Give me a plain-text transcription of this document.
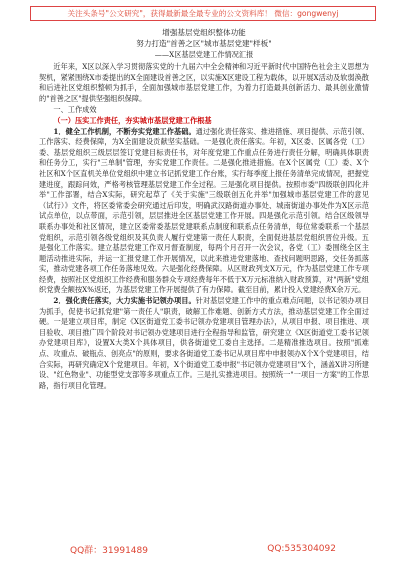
关注头条号"公文研究"，获得最新最全最专业的公文资料库！ 微信：gongwenyj
增强基层党组织整体功能
努力打造"首善之区"城市基层党建"样板"
——X区基层党建工作情况汇报

近年来，X区以深入学习贯彻落实党的十九届六中全会精神和习近平新时代中国特色社会主义思想为契机，紧紧围绕X市委提出的X全面建设首善之区，以实施X区建设工程为载体，以开展X活动及软弱涣散和后进社区党组织整顿为抓手，全面加强城市基层党建工作，为着力打造最具创新活力、最具创业激情的"首善之区"提供坚强组织保障。

一、工作成效

（一）压实工作责任，夯实城市基层党建工作根基

1．健全工作机制，不断夯实党建工作基础。通过强化责任落实、推进措施、项目提供、示范引领、工作落实、经费保障，为X全面建设贡献坚实基础。一是强化责任落实。年初，X区委、区属各党（工）委、基层党组织三级层层签订党建目标责任书，对年度党建工作重点任务进行责任分解，明确具体职责和任务分工，实行"三单制"管理，夯实党建工作责任。二是强化推进措施。在X个区属党（工）委、X个社区和X个区直机关单位党组织中建立书记抓党建工作台账，实行每季度上报任务清单完成情况，把握党建进度，跟踪问效，严格考核管理基层党建工作全过程。三是强化项目提供。按照市委"四级联创四化并举"工作部署，结合X实际，研究起草了《关于实施"三级联创五化并举"加强城市基层党建工作的意见（试行）》文件，将区委常委会研究通过后印发，明确武汉路街道办事处、城南街道办事处作为X区示范试点单位，以点带面，示范引领，层层推进全区基层党建工作开展。四是强化示范引领。结合区级领导联系办事处和社区情况，建立区委常委基层党建联系点制度和联系点任务清单，每位常委联系一个基层党组织，示范引领各级党组织及其负责人履行党建第一责任人职责，全面促进基层党组织晋位升级。五是强化工作落实。建立基层党建工作双月督查制度，每两个月召开一次会议，各党（工）委围绕全区主题活动推进实际，并运一汇报党建工作开展情况，以此来推进党建落地、查找问题明思路，交任务抓落实，推动党建各项工作任务落地见效。六是强化经费保障。从区财政列支X万元，作为基层党建工作专项经费，按照社区党组织工作经费和服务群众专项经费每年不低于X万元标准纳入财政预算，对"两新"党组织党费全额按X%返还，为基层党建工作开展提供了有力保障。截至目前，累计投入党建经费X余万元。

2．强化责任落实，大力实施书记领办项目。针对基层党建工作中的重点难点问题，以书记领办项目为抓手，促使书记抓党建"第一责任人"职责，破解工作难题、创新方式方法，推动基层党建工作全面过硬。一是建立项目库，制定《X区街道党工委书记领办党建项目管理办法》，从项目申报、项目推进、项目验收、项目推广四个阶段对书记领办党建项目进行全程指导和监管，研究建立《X区街道党工委书记领办党建项目库》，设置X大类X个具体项目，供各街道党工委自主选择。二是精准推选项目。按照"抓难点、攻重点、破瓶点、创亮点"的原则，要求各街道党工委书记从项目库中申报领办X个X个党建项目，结合实际，再研究确定X个党建项目。年初，X个街道党工委申报"书记领办党建项目"X个，涵盖X讲习所建设、"红色物业"、功能型党支部等多项重点工作。三是扎实推进项目。按照统一"一项目一方案"的工作思路，指行项目化管理。

QQ群：31991489	QQ:535304092
